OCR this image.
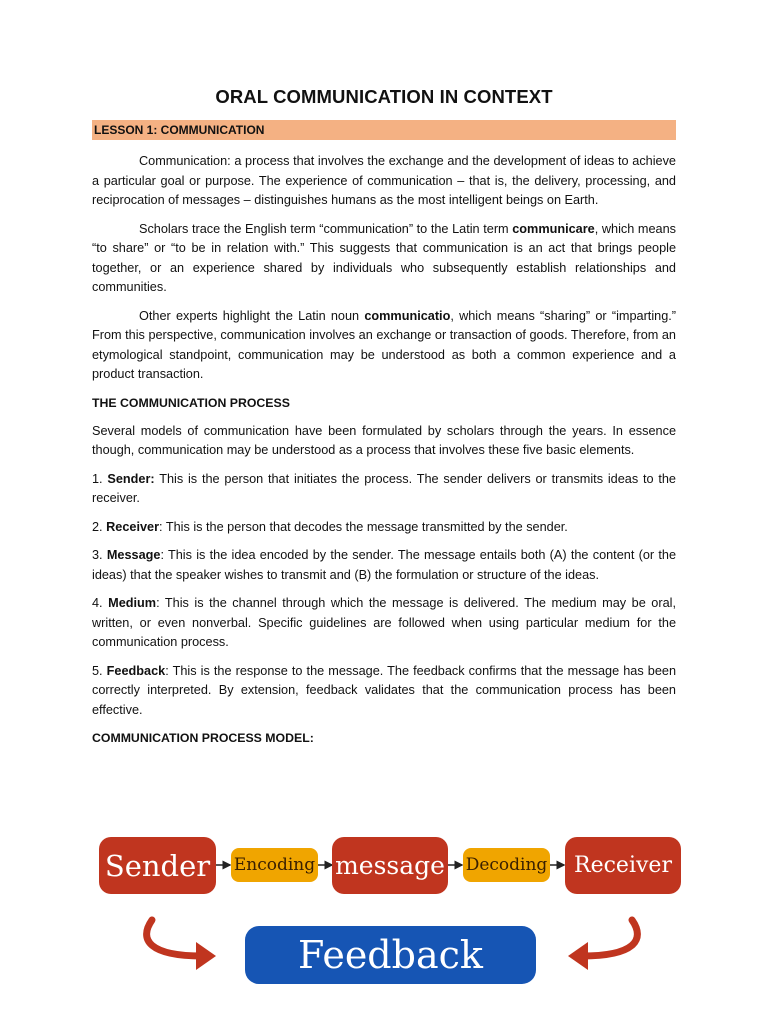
ORAL COMMUNICATION IN CONTEXT
LESSON 1: COMMUNICATION

Communication: a process that involves the exchange and the development of ideas to achieve a particular goal or purpose. The experience of communication – that is, the delivery, processing, and reciprocation of messages – distinguishes humans as the most intelligent beings on Earth.

Scholars trace the English term “communication” to the Latin term communicare, which means “to share” or “to be in relation with.” This suggests that communication is an act that brings people together, or an experience shared by individuals who subsequently establish relationships and communities.

Other experts highlight the Latin noun communicatio, which means “sharing” or “imparting.” From this perspective, communication involves an exchange or transaction of goods. Therefore, from an etymological standpoint, communication may be understood as both a common experience and a product transaction.

THE COMMUNICATION PROCESS

Several models of communication have been formulated by scholars through the years. In essence though, communication may be understood as a process that involves these five basic elements.

1. Sender: This is the person that initiates the process. The sender delivers or transmits ideas to the receiver.

2. Receiver: This is the person that decodes the message transmitted by the sender.

3. Message: This is the idea encoded by the sender. The message entails both (A) the content (or the ideas) that the speaker wishes to transmit and (B) the formulation or structure of the ideas.

4. Medium: This is the channel through which the message is delivered. The medium may be oral, written, or even nonverbal. Specific guidelines are followed when using particular medium for the communication process.

5. Feedback: This is the response to the message. The feedback confirms that the message has been correctly interpreted. By extension, feedback validates that the communication process has been effective.

COMMUNICATION PROCESS MODEL:
Sender Encoding message Decoding Receiver
Feedback
